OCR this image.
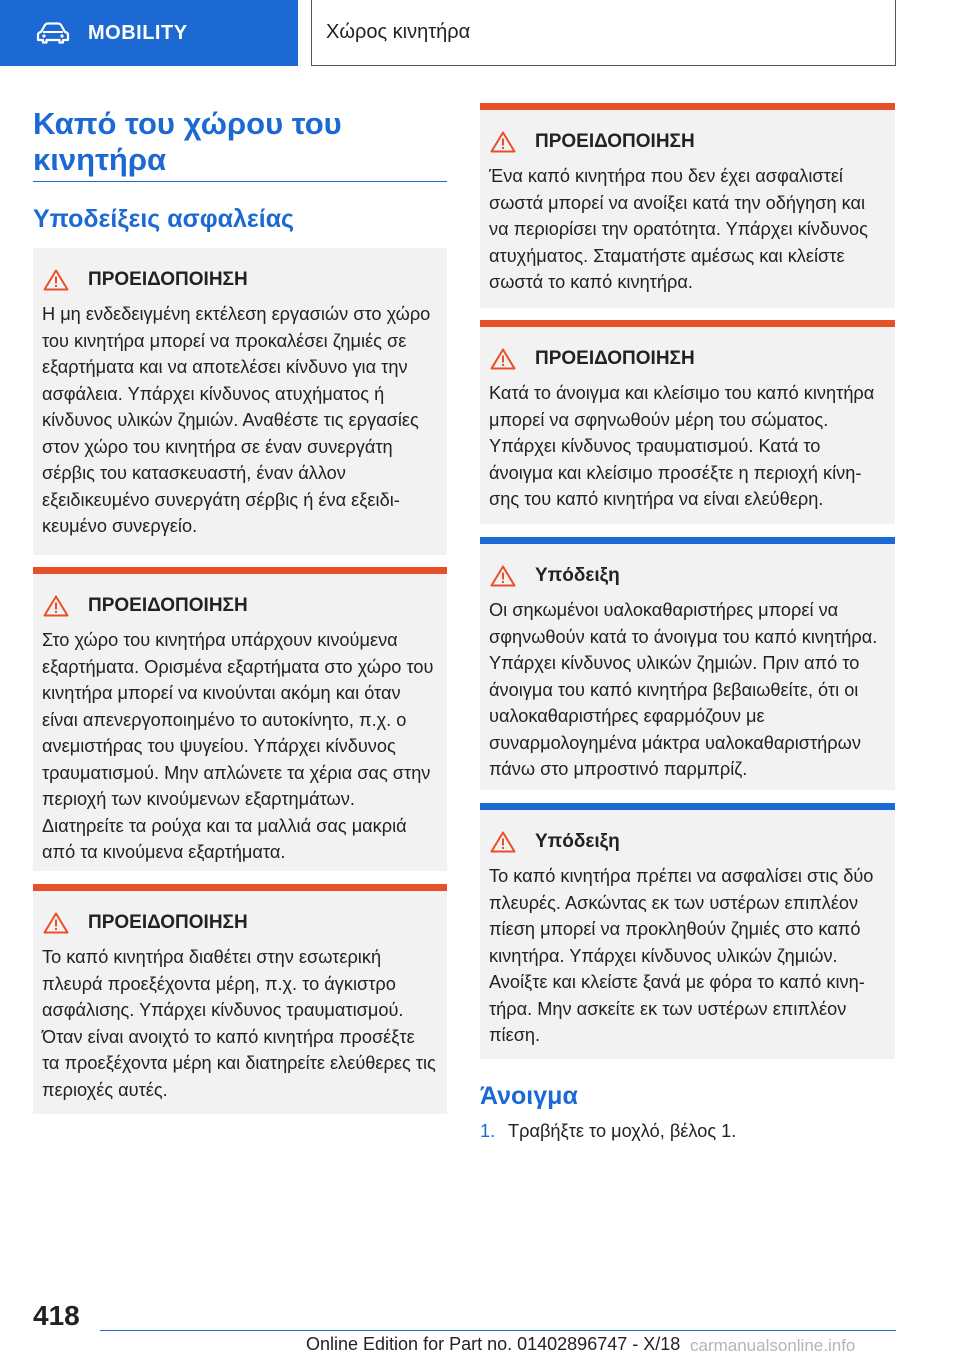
MOBILITY	Χώρος κινητήρα
Καπό του χώρου του κινητήρα
Υποδείξεις ασφαλείας
ΠΡΟΕΙΔΟΠΟΙΗΣΗ
Η μη ενδεδειγμένη εκτέλεση εργασιών στο χώρο του κινητήρα μπορεί να προκαλέσει ζημιές σε εξαρτήματα και να αποτελέσει κίνδυνο για την ασφάλεια. Υπάρχει κίνδυνος ατυχήματος ή κίνδυνος υλικών ζημιών. Αναθέστε τις εργασίες στον χώρο του κινητήρα σε έναν συνεργάτη σέρβις του κατασκευαστή, έναν άλλον εξειδικευμένο συνεργάτη σέρβις ή ένα εξειδικευμένο συνεργείο.
ΠΡΟΕΙΔΟΠΟΙΗΣΗ
Στο χώρο του κινητήρα υπάρχουν κινούμενα εξαρτήματα. Ορισμένα εξαρτήματα στο χώρο του κινητήρα μπορεί να κινούνται ακόμη και όταν είναι απενεργοποιημένο το αυτοκίνητο, π.χ. ο ανεμιστήρας του ψυγείου. Υπάρχει κίνδυνος τραυματισμού. Μην απλώνετε τα χέρια σας στην περιοχή των κινούμενων εξαρτημάτων. Διατηρείτε τα ρούχα και τα μαλλιά σας μακριά από τα κινούμενα εξαρτήματα.
ΠΡΟΕΙΔΟΠΟΙΗΣΗ
Το καπό κινητήρα διαθέτει στην εσωτερική πλευρά προεξέχοντα μέρη, π.χ. το άγκιστρο ασφάλισης. Υπάρχει κίνδυνος τραυματισμού. Όταν είναι ανοιχτό το καπό κινητήρα προσέξτε τα προεξέχοντα μέρη και διατηρείτε ελεύθερες τις περιοχές αυτές.
ΠΡΟΕΙΔΟΠΟΙΗΣΗ
Ένα καπό κινητήρα που δεν έχει ασφαλιστεί σωστά μπορεί να ανοίξει κατά την οδήγηση και να περιορίσει την ορατότητα. Υπάρχει κίνδυνος ατυχήματος. Σταματήστε αμέσως και κλείστε σωστά το καπό κινητήρα.
ΠΡΟΕΙΔΟΠΟΙΗΣΗ
Κατά το άνοιγμα και κλείσιμο του καπό κινητήρα μπορεί να σφηνωθούν μέρη του σώματος. Υπάρχει κίνδυνος τραυματισμού. Κατά το άνοιγμα και κλείσιμο προσέξτε η περιοχή κίνησης του καπό κινητήρα να είναι ελεύθερη.
Υπόδειξη
Οι σηκωμένοι υαλοκαθαριστήρες μπορεί να σφηνωθούν κατά το άνοιγμα του καπό κινητήρα. Υπάρχει κίνδυνος υλικών ζημιών. Πριν από το άνοιγμα του καπό κινητήρα βεβαιωθείτε, ότι οι υαλοκαθαριστήρες εφαρμόζουν με συναρμολογημένα μάκτρα υαλοκαθαριστήρων πάνω στο μπροστινό παρμπρίζ.
Υπόδειξη
Το καπό κινητήρα πρέπει να ασφαλίσει στις δύο πλευρές. Ασκώντας εκ των υστέρων επιπλέον πίεση μπορεί να προκληθούν ζημιές στο καπό κινητήρα. Υπάρχει κίνδυνος υλικών ζημιών. Ανοίξτε και κλείστε ξανά με φόρα το καπό κινητήρα. Μην ασκείτε εκ των υστέρων επιπλέον πίεση.
Άνοιγμα
1. Τραβήξτε το μοχλό, βέλος 1.
418
Online Edition for Part no. 01402896747 - X/18 carmanualsonline.info
